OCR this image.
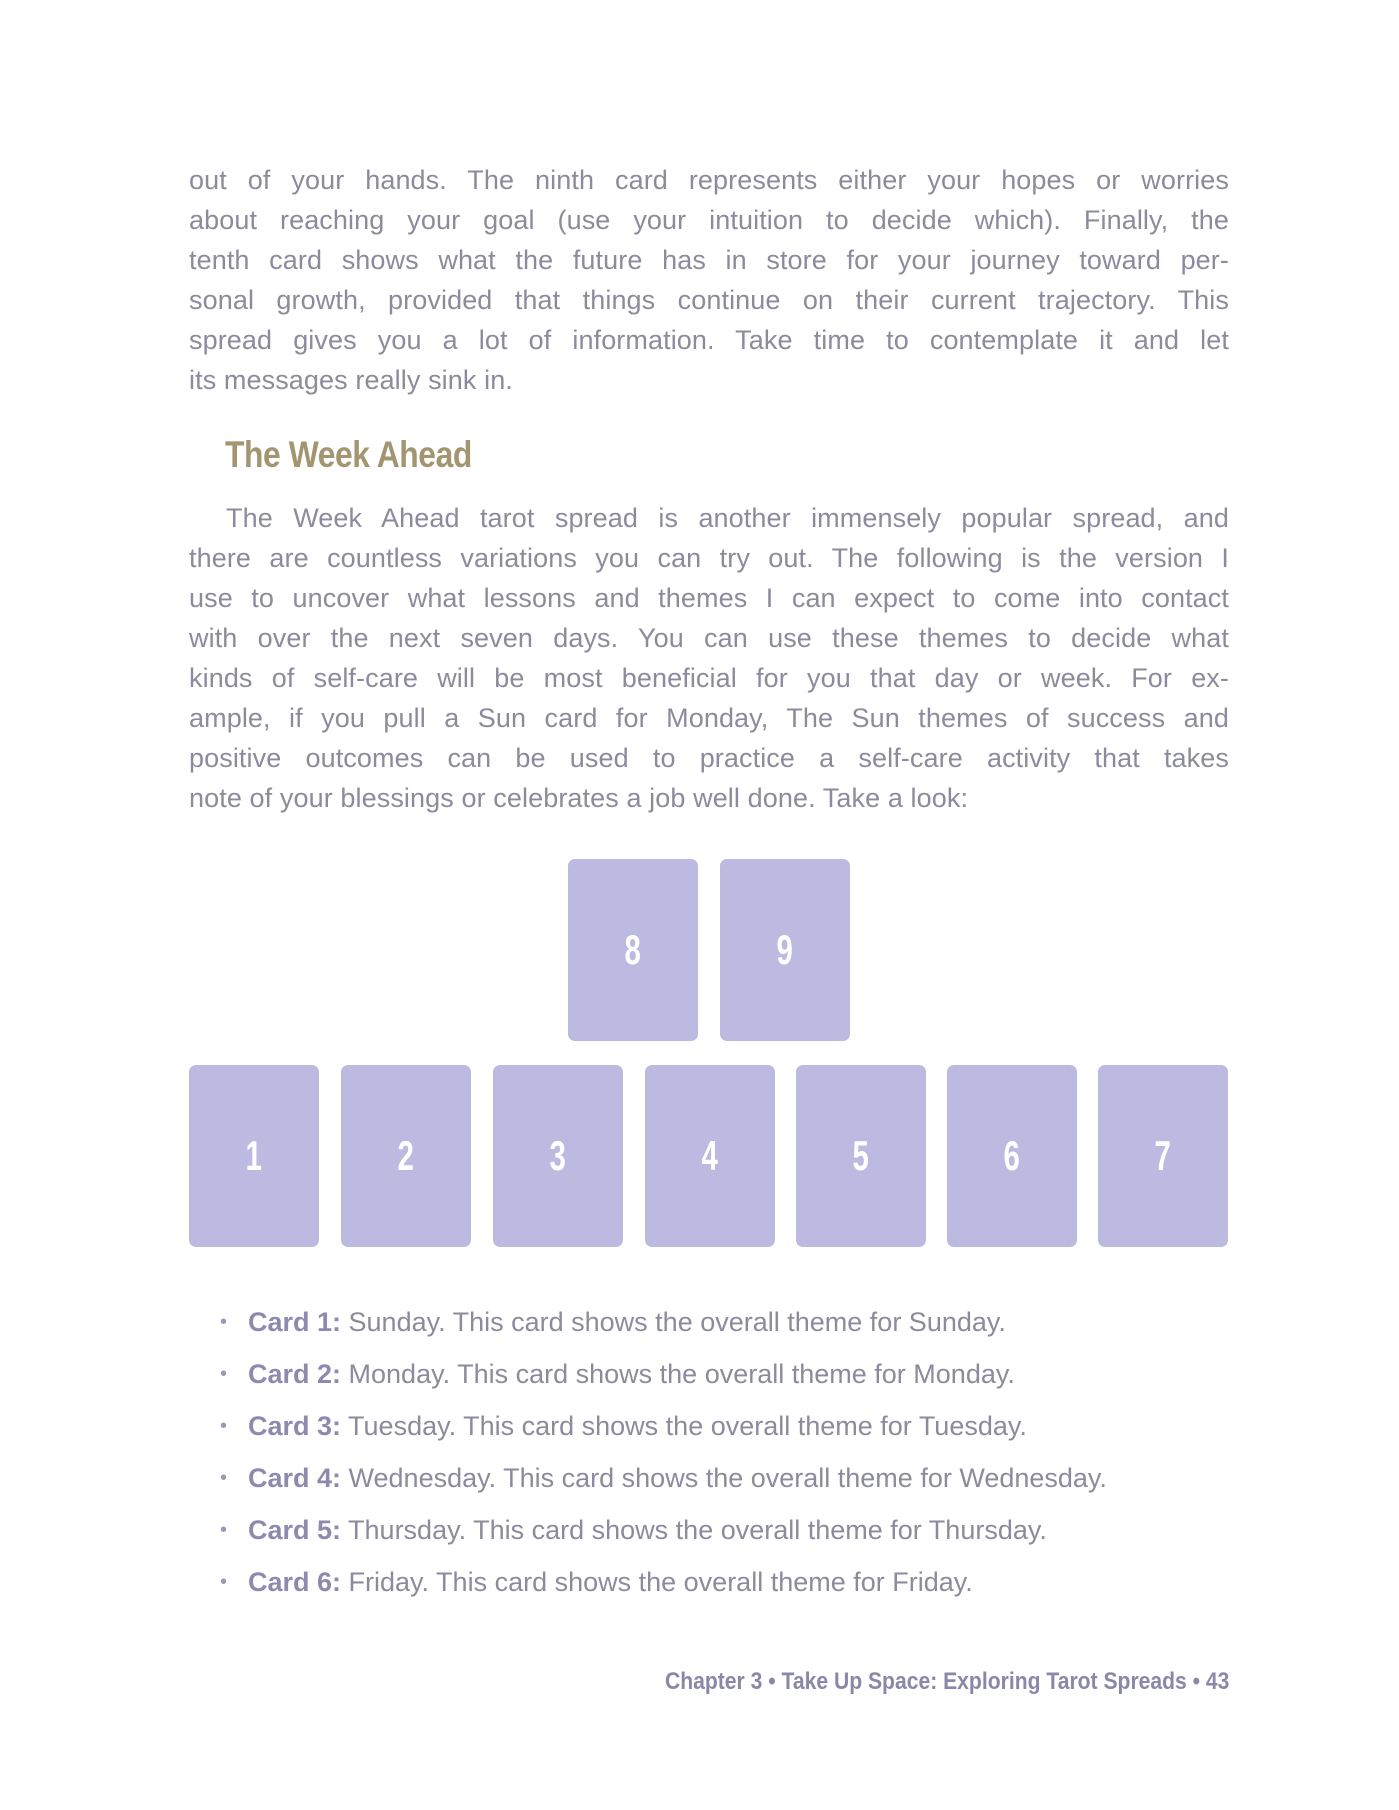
out of your hands. The ninth card represents either your hopes or worries
about reaching your goal (use your intuition to decide which). Finally, the
tenth card shows what the future has in store for your journey toward per-
sonal growth, provided that things continue on their current trajectory. This
spread gives you a lot of information. Take time to contemplate it and let
its messages really sink in.
The Week Ahead
The Week Ahead tarot spread is another immensely popular spread, and
there are countless variations you can try out. The following is the version I
use to uncover what lessons and themes I can expect to come into contact
with over the next seven days. You can use these themes to decide what
kinds of self-care will be most beneficial for you that day or week. For ex-
ample, if you pull a Sun card for Monday, The Sun themes of success and
positive outcomes can be used to practice a self-care activity that takes
note of your blessings or celebrates a job well done. Take a look:
8	9
1	2	3	4	5	6	7
• Card 1: Sunday. This card shows the overall theme for Sunday.
• Card 2: Monday. This card shows the overall theme for Monday.
• Card 3: Tuesday. This card shows the overall theme for Tuesday.
• Card 4: Wednesday. This card shows the overall theme for Wednesday.
• Card 5: Thursday. This card shows the overall theme for Thursday.
• Card 6: Friday. This card shows the overall theme for Friday.
Chapter 3 • Take Up Space: Exploring Tarot Spreads • 43
